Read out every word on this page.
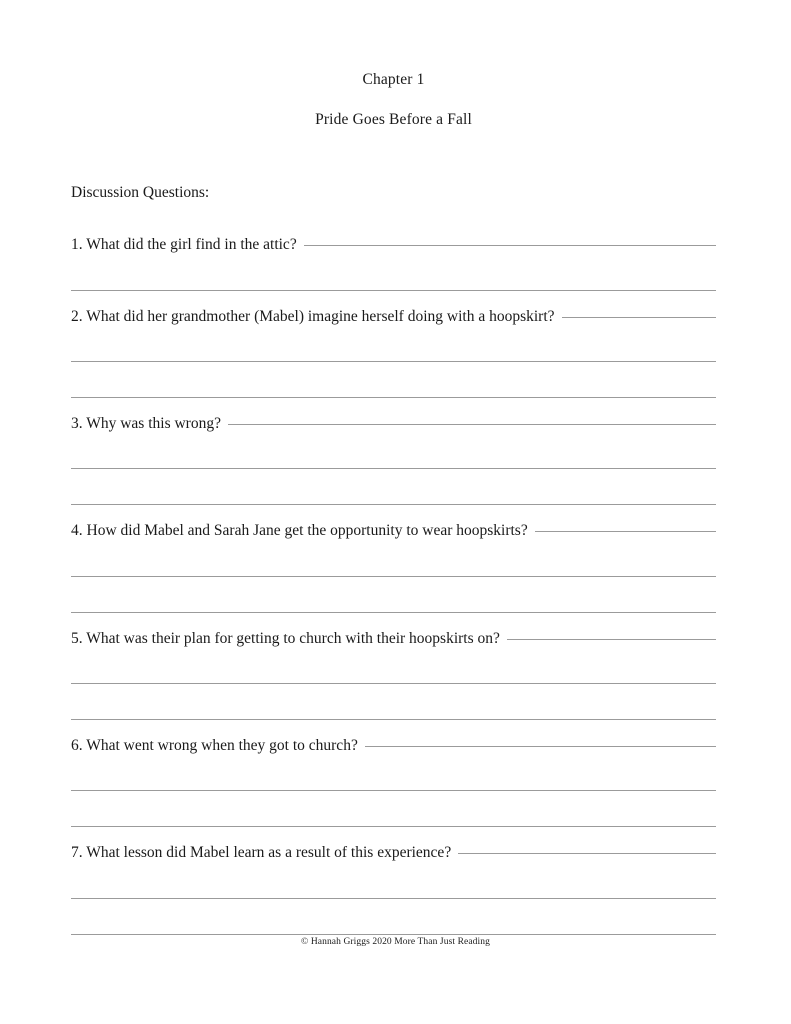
Chapter 1
Pride Goes Before a Fall
Discussion Questions:
1. What did the girl find in the attic?
2. What did her grandmother (Mabel) imagine herself doing with a hoopskirt?
3. Why was this wrong?
4. How did Mabel and Sarah Jane get the opportunity to wear hoopskirts?
5. What was their plan for getting to church with their hoopskirts on?
6. What went wrong when they got to church?
7. What lesson did Mabel learn as a result of this experience?
© Hannah Griggs 2020 More Than Just Reading
